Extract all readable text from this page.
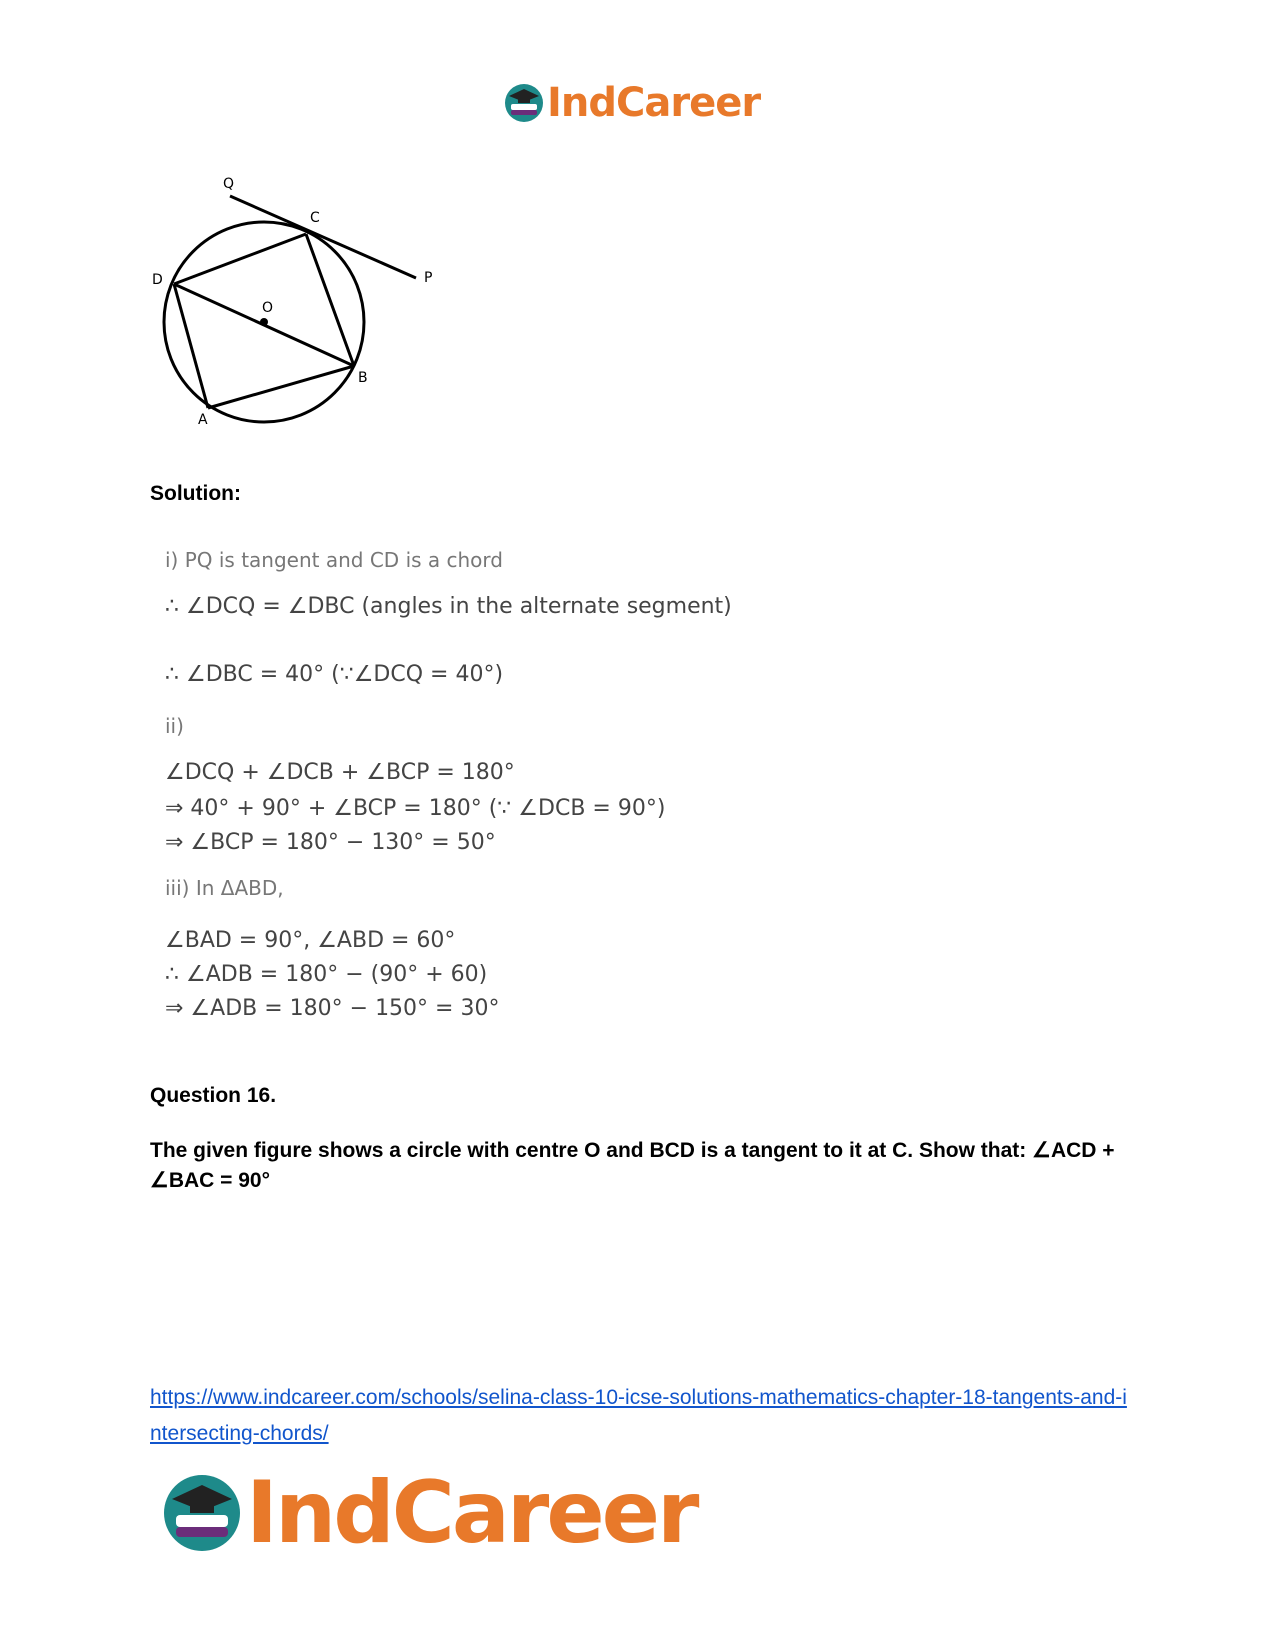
IndCareer
Q
C
P
D
O
B
A
Solution:
i) PQ is tangent and CD is a chord
∴ ∠DCQ = ∠DBC (angles in the alternate segment)
∴ ∠DBC = 40° (∵∠DCQ = 40°)
ii)
∠DCQ + ∠DCB + ∠BCP = 180°
⇒ 40° + 90° + ∠BCP = 180° (∵ ∠DCB = 90°)
⇒ ∠BCP = 180° − 130° = 50°
iii) In ΔABD,
∠BAD = 90°, ∠ABD = 60°
∴ ∠ADB = 180° − (90° + 60)
⇒ ∠ADB = 180° − 150° = 30°
Question 16.
The given figure shows a circle with centre O and BCD is a tangent to it at C. Show that: ∠ACD + ∠BAC = 90°
https://www.indcareer.com/schools/selina-class-10-icse-solutions-mathematics-chapter-18-tangents-and-intersecting-chords/
IndCareer
